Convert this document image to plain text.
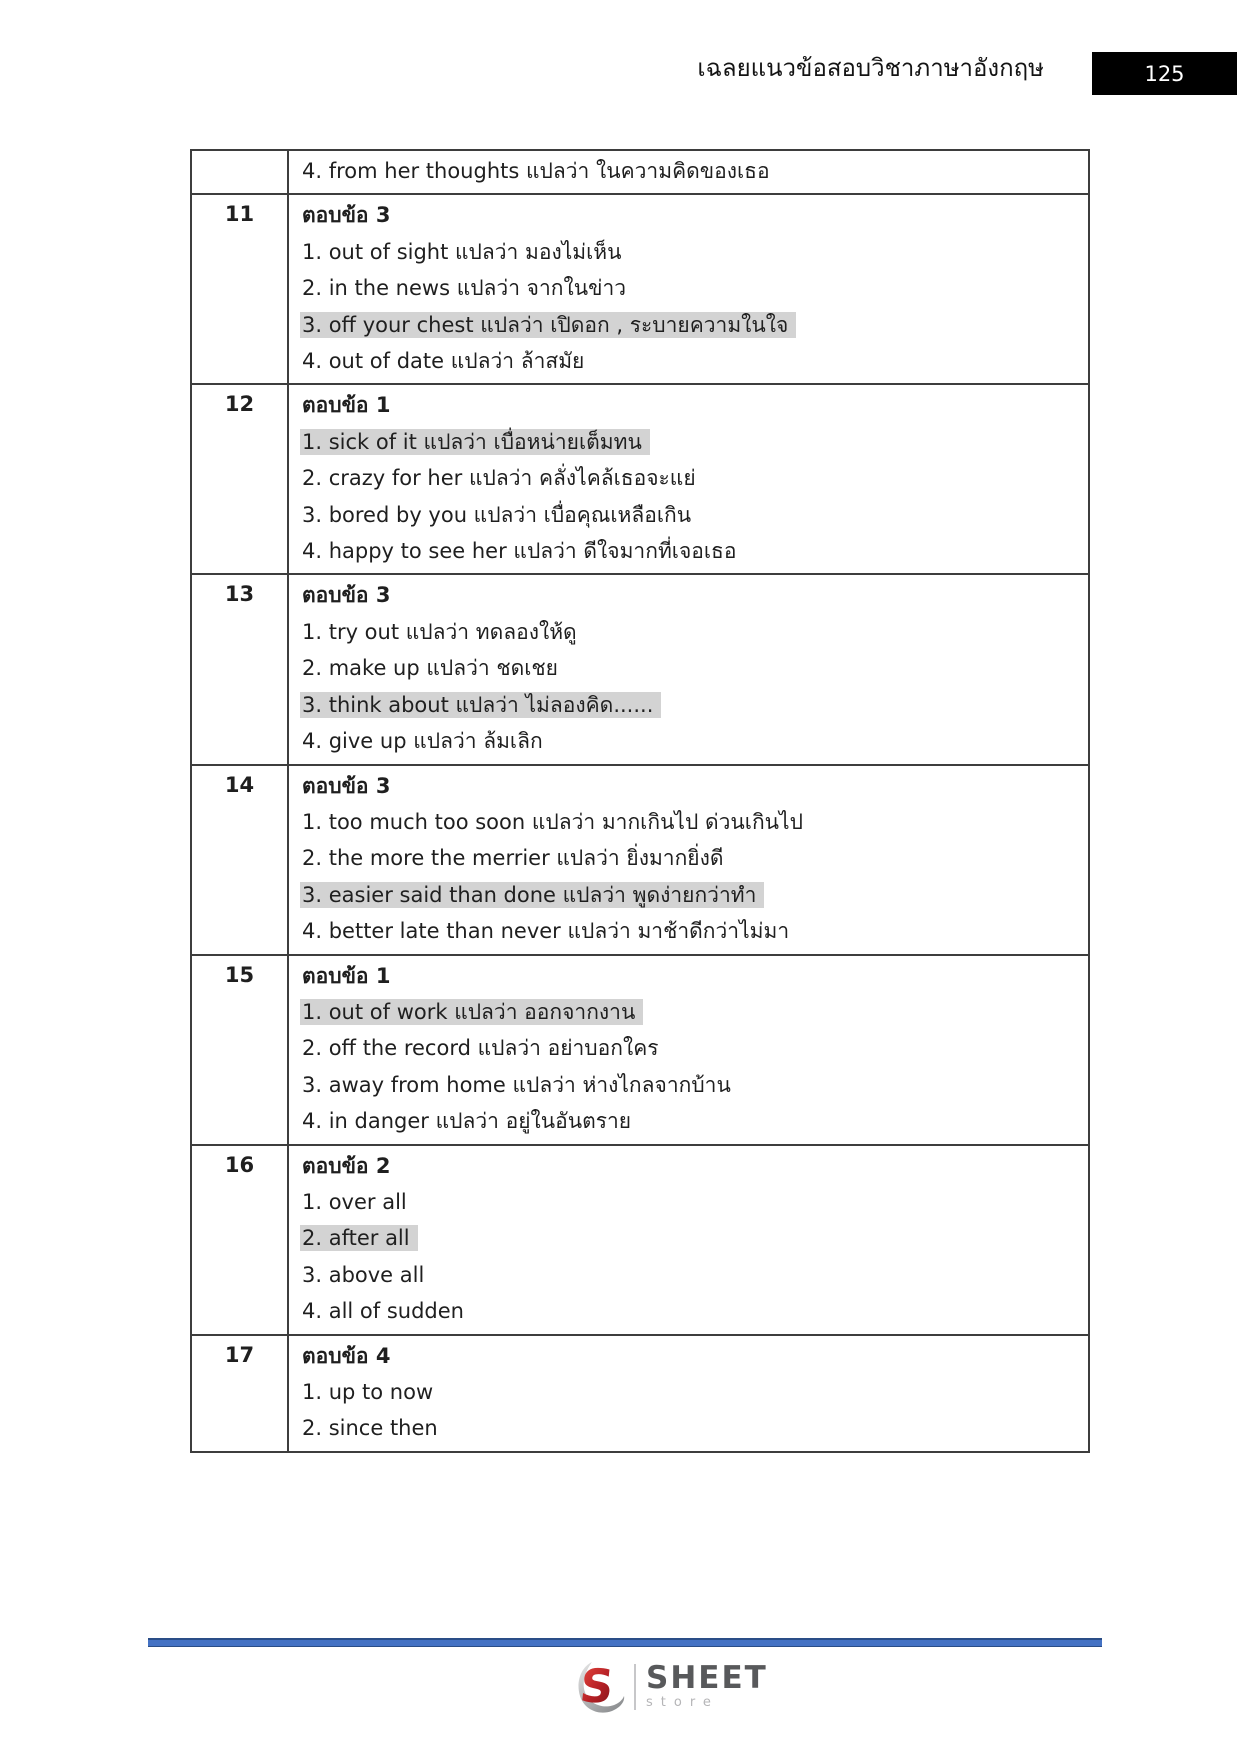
เฉลยแนวข้อสอบวิชาภาษาอังกฤษ	125
4. from her thoughts แปลว่า ในความคิดของเธอ
11	ตอบข้อ 3
1. out of sight แปลว่า มองไม่เห็น
2. in the news แปลว่า จากในข่าว
3. off your chest แปลว่า เปิดอก , ระบายความในใจ
4. out of date แปลว่า ล้าสมัย
12	ตอบข้อ 1
1. sick of it แปลว่า เบื่อหน่ายเต็มทน
2. crazy for her แปลว่า คลั่งไคล้เธอจะแย่
3. bored by you แปลว่า เบื่อคุณเหลือเกิน
4. happy to see her แปลว่า ดีใจมากที่เจอเธอ
13	ตอบข้อ 3
1. try out แปลว่า ทดลองให้ดู
2. make up แปลว่า ชดเชย
3. think about แปลว่า ไม่ลองคิด......
4. give up แปลว่า ล้มเลิก
14	ตอบข้อ 3
1. too much too soon แปลว่า มากเกินไป ด่วนเกินไป
2. the more the merrier แปลว่า ยิ่งมากยิ่งดี
3. easier said than done แปลว่า พูดง่ายกว่าทำ
4. better late than never แปลว่า มาช้าดีกว่าไม่มา
15	ตอบข้อ 1
1. out of work แปลว่า ออกจากงาน
2. off the record แปลว่า อย่าบอกใคร
3. away from home แปลว่า ห่างไกลจากบ้าน
4. in danger แปลว่า อยู่ในอันตราย
16	ตอบข้อ 2
1. over all
2. after all
3. above all
4. all of sudden
17	ตอบข้อ 4
1. up to now
2. since then
S SHEET
store
